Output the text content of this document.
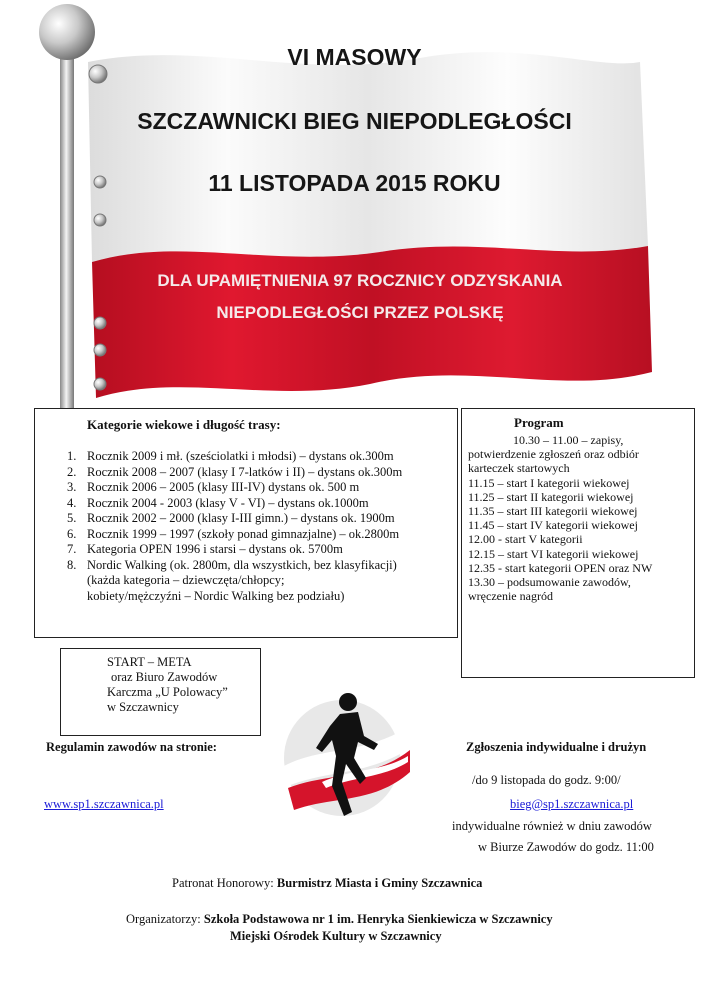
VI MASOWY
SZCZAWNICKI BIEG NIEPODLEGŁOŚCI
11 LISTOPADA 2015 ROKU
DLA UPAMIĘTNIENIA 97 ROCZNICY ODZYSKANIA
NIEPODLEGŁOŚCI PRZEZ POLSKĘ
Kategorie wiekowe i długość trasy:
1. Rocznik 2009 i mł. (sześciolatki i młodsi) – dystans ok.300m
2. Rocznik 2008 – 2007 (klasy I 7-latków i II) – dystans ok.300m
3. Rocznik 2006 – 2005 (klasy III-IV) dystans ok. 500 m
4. Rocznik 2004 - 2003 (klasy V - VI) – dystans ok.1000m
5. Rocznik 2002 – 2000 (klasy I-III gimn.) – dystans ok. 1900m
6. Rocznik 1999 – 1997 (szkoły ponad gimnazjalne) – ok.2800m
7. Kategoria OPEN 1996 i starsi – dystans ok. 5700m
8. Nordic Walking (ok. 2800m, dla wszystkich, bez klasyfikacji)
(każda kategoria – dziewczęta/chłopcy;
kobiety/mężczyźni – Nordic Walking bez podziału)
Program
10.30 – 11.00 – zapisy,
potwierdzenie zgłoszeń oraz odbiór
karteczek startowych
11.15 – start I kategorii wiekowej
11.25 – start II kategorii wiekowej
11.35 – start III kategorii wiekowej
11.45 – start IV kategorii wiekowej
12.00 - start V kategorii
12.15 – start VI kategorii wiekowej
12.35 - start kategorii OPEN oraz NW
13.30 – podsumowanie zawodów,
wręczenie nagród
START – META
oraz Biuro Zawodów
Karczma „U Polowacy”
w Szczawnicy
Regulamin zawodów na stronie:
www.sp1.szczawnica.pl
Zgłoszenia indywidualne i drużyn
/do 9 listopada do godz. 9:00/
bieg@sp1.szczawnica.pl
indywidualne również w dniu zawodów
w Biurze Zawodów do godz. 11:00
Patronat Honorowy: Burmistrz Miasta i Gminy Szczawnica
Organizatorzy: Szkoła Podstawowa nr 1 im. Henryka Sienkiewicza w Szczawnicy
Miejski Ośrodek Kultury w Szczawnicy
